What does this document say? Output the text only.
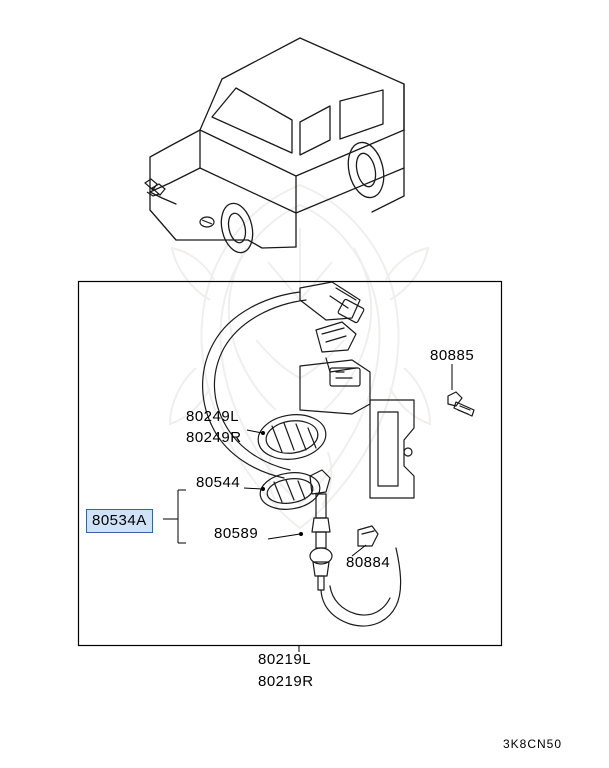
80249L
80249R
80544
80589
80885
80884
80219L
80219R
80534A
3K8CN50
